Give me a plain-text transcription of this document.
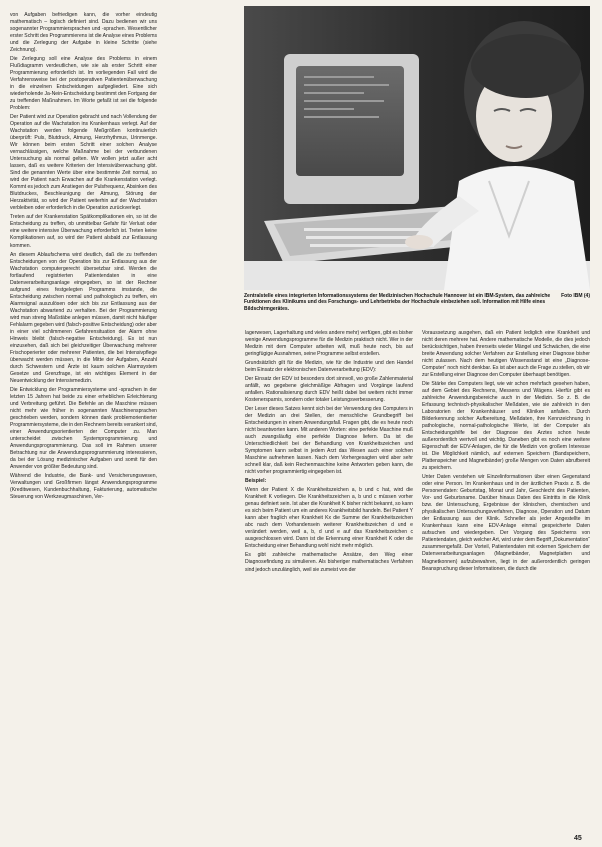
von Aufgaben befriedigen kann, die vorher eindeutig mathematisch – logisch definiert sind. Dazu bedienen wir uns sogenannter Programmiersprachen und -sprachen. Wesentlicher erster Schritt des Programmierens ist die Analyse eines Problems und die Zerlegung der Aufgabe in kleine Schritte (siehe Zeichnung).

Die Zerlegung soll eine Analyse des Problems in einem Flußdiagramm verdeutlichen, wie sie als erster Schritt einer Programmierung erforderlich ist. Im vorliegenden Fall wird die Verfahrensweise bei der postoperativen Patientenüberwachung in die einzelnen Entscheidungen aufgegliedert. Eine sich wiederholende Ja-Nein-Entscheidung bestimmt den Fortgang der zu treffenden Maßnahmen. Im Worte gefaßt ist sei die folgende Problem:

Der Patient wird zur Operation gebracht und nach Vollendung der Operation auf die Wachstation ins Krankenhaus verlegt. Auf der Wachstation werden folgende Meßgrößen kontinuierlich überprüft: Puls, Blutdruck, Atmung, Herzrhythmus, Urinmenge. Wir können beim ersten Schritt einer solchen Analyse vernachlässigen, welche Maßnahme bei der verbundenen Untersuchung als normal gelten. Wir wollen jetzt außer acht lassen, daß es weitere Kriterien der Intensivüberwachung gibt. Sind die genannten Werte über eine bestimmte Zeit normal, so wird der Patient nach Erwachen auf die Krankenstation verlegt. Kommt es jedoch zum Anstiegen der Pulsfrequenz, Absinken des Blutdruckes, Beschleunigung der Atmung, Störung der Herzaktivität, so wird der Patient weiterhin auf der Wachstation verbleiben oder erforderlich in die Operation zurückverlegt.

Treten auf der Krankenstation Spätkomplikationen ein, so ist die Entscheidung zu treffen, ob unmittelbar Gefahr für Verlust oder eine weitere intensive Überwachung erforderlich ist. Treten keine Komplikationen auf, so wird der Patient alsbald zur Entlassung kommen.

An diesem Ablaufschema wird deutlich, daß die zu treffenden Entscheidungen von der Operation bis zur Entlassung aus der Wachstation computergerecht übersetzbar sind. Werden die fortlaufend registrierten Patientendaten in eine Datenverarbeitungsanlage eingegeben, so ist der Rechner aufgrund eines festgelegten Programms imstande, die Entscheidung zwischen normal und pathologisch zu treffen, ein Alarmsignal auszulösen oder sich bis zur Entlassung aus der Wachstation abwartend zu verhalten. Bei der Programmierung wird man streng Maßstäbe anlegen müssen, damit nicht häufiger Fehlalarm gegeben wird (falsch-positive Entscheidung) oder aber in einer viel schlimmeren Gefahrensituation der Alarm ohne Hinweis bleibt (falsch-negative Entscheidung). Es ist nun einzusehen, daß sich bei gleichzeitiger Überwachung mehrerer Frischoperierter oder mehrerer Patienten, die bei Intensivpflege überwacht werden müssen, in die Mitte der Aufgaben, Anzahl durch Schwestern und Ärzte ist kaum solchen Alarmsystem Gesetze und Grenzfrage, ist ein wichtiges Element in der Neuentwicklung der Intensivmedizin.

Die Entwicklung der Programmiersysteme und -sprachen in der letzten 15 Jahren hat beide zu einer erheblichen Erleichterung und Verbreitung geführt. Die Befehle an die Maschine müssen nicht mehr wie früher in sogenannten Maschinensprachen geschrieben werden, sondern können dank problemorientierter Programmiersysteme, die in den Rechnern bereits verankert sind, einer Anwendungsorientierten der Computer zu. Man unterscheidet zwischen Systemprogrammierung und Anwendungsprogrammierung. Das soll im Rahmen unserer Betrachtung nur die Anwendungsprogrammierung interessieren, da bei der Lösung medizinischer Aufgaben und somit für den Anwender von größter Bedeutung sind.

Während die Industrie, die Bank- und Versicherungswesen, Verwaltungen und Großfirmen längst Anwendungsprogramme (Kreditwesen, Kundenbuchhaltung, Fakturierung, automatische Steuerung von Werkzeugmaschinen, Ver-

Foto IBM (4)
Zentralstelle eines integrierten Informationssystems der Medizinischen Hochschule Hannover ist ein IBM-System, das zahlreiche Funktionen des Klinikums und des Forschungs- und Lehrbetriebs der Hochschule einbeziehen soll. Information mit Hilfe eines Bildschirmgerätes.

lagerwesen, Lagerhaltung und vieles andere mehr) verfügen, gibt es bisher wenige Anwendungsprogramme für die Medizin praktisch nicht. Wer in der Medizin mit dem Computer arbeiten will, muß heute noch, bis auf geringfügige Ausnahmen, seine Programme selbst erstellen.

Grundsätzlich gilt für die Medizin, wie für die Industrie und den Handel beim Einsatz der elektronischen Datenverarbeitung (EDV):

Der Einsatz der EDV ist besonders dort sinnvoll, wo große Zahlenmaterial anfällt, wo gegebene gleichmäßige Abfragen und Vorgänge laufend anfallen. Rationalisierung durch EDV heißt dabei bei weitem nicht immer Kostenersparnis, sondern oder totaler Leistungsverbesserung.

Der Leser dieses Satzes kennt sich bei der Verwendung des Computers in der Medizin an drei Stellen, der menschliche Grundbegriff bei Entscheidungen in einem Anwendungsfall. Fragen gibt, die es heute noch nicht beantworten kann. Mit anderen Worten: eine perfekte Maschine muß auch zwangsläufig eine perfekte Diagnose liefern. Da ist die Unterschiedlichkeit bei der Behandlung von Krankheitszeichen und Symptomen kann selbst in jedem Arzt das Wesen auch einer solchen Maschine aufnehmen lassen. Nach dem Vorhergesagten wird aber sehr schnell klar, daß kein Rechenmaschine keine Antworten geben kann, die nicht vorher programmiertig eingegeben ist.

Beispiel:

Wenn der Patient X die Krankheitszeichen a, b und c hat, wird die Krankheit K vorliegen. Die Krankheitszeichen a, b und c müssen vorher genau definiert sein. Ist aber die Krankheit K bisher nicht bekannt, so kann es sich beim Patient um ein anderes Krankheitsbild handeln. Bei Patient Y kann aber fraglich eher Krankheit Kx die Summe der Krankheitszeichen abc nach dem Vorhandensein weiterer Krankheitszeichen d und e verändert werden, weil a, b, d und e auf das Krankheitszeichen c ausgeschlossen wird. Dann ist die Erkennung einer Krankheit K oder die Entscheidung einer Behandlung wohl nicht mehr möglich.

Es gibt zahlreiche mathematische Ansätze, den Weg einer Diagnosefindung zu simulieren. Als bisheriger mathematisches Verfahren sind jedoch unzulänglich, weil sie zumeist von der

Voraussetzung ausgehen, daß ein Patient lediglich eine Krankheit und nicht deren mehrere hat. Andere mathematische Modelle, die dies jedoch berücksichtigen, haben ihrerseits wieder Mängel und Schwächen, die eine breite Anwendung solcher Verfahren zur Erstellung einer Diagnose bisher nicht zulassen. Nach dem heutigen Wissensstand ist eine „Diagnose-Computer“ noch nicht denkbar. Es ist aber auch die Frage zu stellen, ob wir zur Erstellung einer Diagnose den Computer überhaupt benötigen.

Die Stärke des Computers liegt, wie wir schon mehrfach gesehen haben, auf dem Gebiet des Rechnens, Messens und Wägens. Hierfür gibt es zahlreiche Anwendungsbereiche auch in der Medizin. So z. B. die Erfassung technisch-physikalischer Meßdaten, wie sie zahlreich in den Laboratorien der Krankenhäuser und Kliniken anfallen. Durch Bilderkennung solcher Aufbereitung, Meßdaten, ihre Kennzeichnung in pathologische, normal-pathologische Werte, ist der Computer als Entscheidungshilfe bei der Diagnose des Arztes schon heute außerordentlich wertvoll und wichtig. Daneben gibt es noch eine weitere Eigenschaft der EDV-Anlagen, die für die Medizin von großem Interesse ist. Die Möglichkeit nämlich, auf externen Speichern (Bandspeichern, Plattenspeicher und Magnetbänder) große Mengen von Daten abrufbereit zu speichern.

Unter Daten verstehen wir Einzelinformationen über einen Gegenstand oder eine Person. Im Krankenhaus und in der ärztlichen Praxis z. B. die Personendaten: Geburtstag, Monat und Jahr, Geschlecht des Patienten, Vor- und Geburtsname. Darüber hinaus Daten des Eintritts in die Klinik bzw. der Untersuchung, Ergebnisse der klinischen, chemischen und physikalischen Untersuchungsverfahren, Diagnose, Operation und Datum der Entlassung aus der Klinik. Schneller als jeder Angestellte im Krankenhaus kann eine EDV-Anlage einmal gespeicherte Daten aufsuchen und wiedergeben. Der Vorgang des Speicherns von Patientendaten, gleich welcher Art, wird unter dem Begriff „Dokumentation“ zusammengefaßt. Der Vorteil, Patientendaten mit externen Speichern der Datenverarbeitungsanlagen (Magnetbänder, Magnetplatten und Magnetkonnen) aufzubewahren, liegt in der außerordentlich geringen Beanspruchung dieser Informationen, die durch die

45
